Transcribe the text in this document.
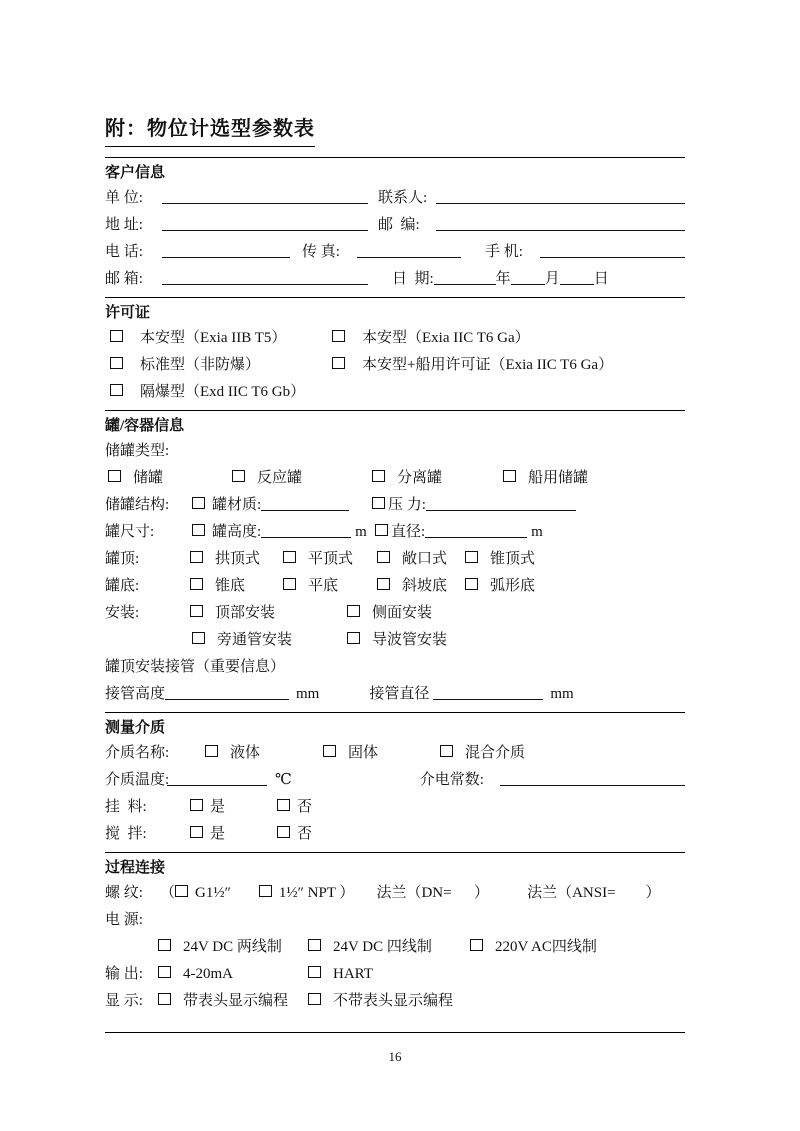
附：物位计选型参数表
客户信息
单 位:	联系人:
地 址:	邮  编:
电 话:	传 真:	手 机:
邮 箱:	日  期:	年 月 日
许可证
本安型（Exia IIB T5）	本安型（Exia IIC T6 Ga）
标准型（非防爆）	本安型+船用许可证（Exia IIC T6 Ga）
隔爆型（Exd IIC T6 Gb）
罐/容器信息
储罐类型:
储罐	反应罐	分离罐	船用储罐
储罐结构:	罐材质:	压 力:
罐尺寸:	罐高度:	m 直径:	m
罐顶:	拱顶式	平顶式	敞口式	锥顶式
罐底:	锥底	平底	斜坡底	弧形底
安装:	顶部安装	侧面安装
旁通管安装	导波管安装
罐顶安装接管（重要信息）
接管高度	mm	接管直径	mm
测量介质
介质名称:	液体	固体	混合介质
介质温度:	℃	介电常数:
挂  料:	是	否
搅  拌:	是	否
过程连接
螺 纹:	（ G1½″	1½″ NPT ） 法兰（DN=      ）	法兰（ANSI=        ）
电 源:
24V DC 两线制	24V DC 四线制	220V AC四线制
输 出:	4-20mA	HART
显 示:	带表头显示编程	不带表头显示编程
16
